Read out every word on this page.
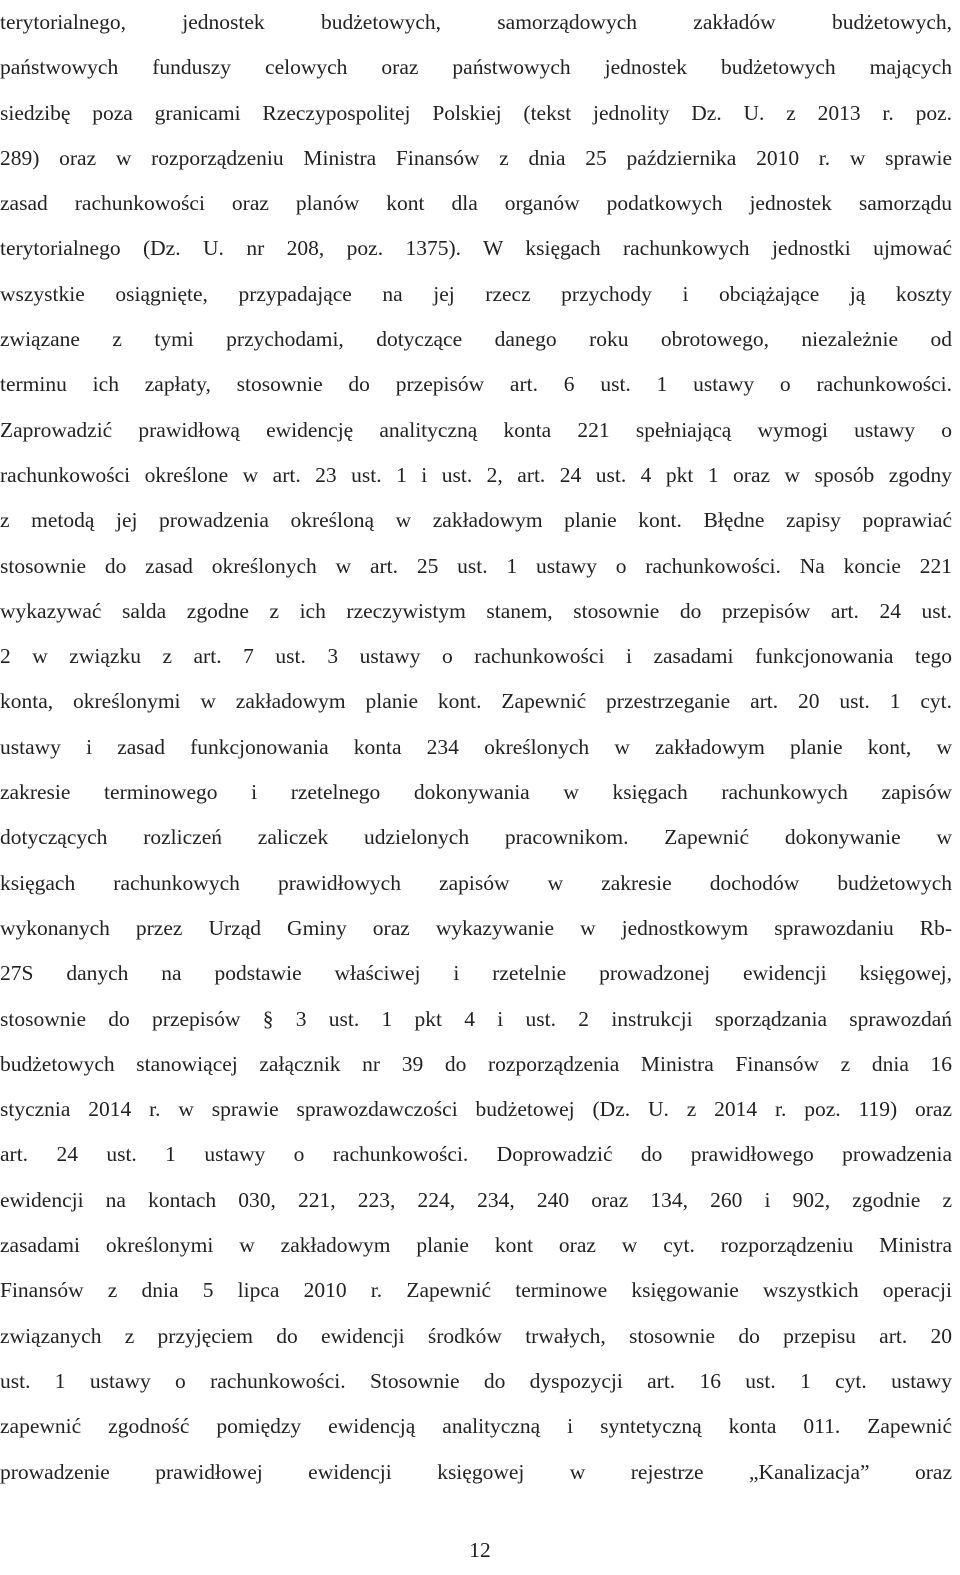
terytorialnego, jednostek budżetowych, samorządowych zakładów budżetowych,
państwowych funduszy celowych oraz państwowych jednostek budżetowych mających
siedzibę poza granicami Rzeczypospolitej Polskiej (tekst jednolity Dz. U. z 2013 r. poz.
289) oraz w rozporządzeniu Ministra Finansów z dnia 25 października 2010 r. w sprawie
zasad rachunkowości oraz planów kont dla organów podatkowych jednostek samorządu
terytorialnego (Dz. U. nr 208, poz. 1375). W księgach rachunkowych jednostki ujmować
wszystkie osiągnięte, przypadające na jej rzecz przychody i obciążające ją koszty
związane z tymi przychodami, dotyczące danego roku obrotowego, niezależnie od
terminu ich zapłaty, stosownie do przepisów art. 6 ust. 1 ustawy o rachunkowości.
Zaprowadzić prawidłową ewidencję analityczną konta 221 spełniającą wymogi ustawy o
rachunkowości określone w art. 23 ust. 1 i ust. 2, art. 24 ust. 4 pkt 1 oraz w sposób zgodny
z metodą jej prowadzenia określoną w zakładowym planie kont. Błędne zapisy poprawiać
stosownie do zasad określonych w art. 25 ust. 1 ustawy o rachunkowości. Na koncie 221
wykazywać salda zgodne z ich rzeczywistym stanem, stosownie do przepisów art. 24 ust.
2 w związku z art. 7 ust. 3 ustawy o rachunkowości i zasadami funkcjonowania tego
konta, określonymi w zakładowym planie kont. Zapewnić przestrzeganie art. 20 ust. 1 cyt.
ustawy i zasad funkcjonowania konta 234 określonych w zakładowym planie kont, w
zakresie terminowego i rzetelnego dokonywania w księgach rachunkowych zapisów
dotyczących rozliczeń zaliczek udzielonych pracownikom. Zapewnić dokonywanie w
księgach rachunkowych prawidłowych zapisów w zakresie dochodów budżetowych
wykonanych przez Urząd Gminy oraz wykazywanie w jednostkowym sprawozdaniu Rb-
27S danych na podstawie właściwej i rzetelnie prowadzonej ewidencji księgowej,
stosownie do przepisów § 3 ust. 1 pkt 4 i ust. 2 instrukcji sporządzania sprawozdań
budżetowych stanowiącej załącznik nr 39 do rozporządzenia Ministra Finansów z dnia 16
stycznia 2014 r. w sprawie sprawozdawczości budżetowej (Dz. U. z 2014 r. poz. 119) oraz
art. 24 ust. 1 ustawy o rachunkowości. Doprowadzić do prawidłowego prowadzenia
ewidencji na kontach 030, 221, 223, 224, 234, 240 oraz 134, 260 i 902, zgodnie z
zasadami określonymi w zakładowym planie kont oraz w cyt. rozporządzeniu Ministra
Finansów z dnia 5 lipca 2010 r. Zapewnić terminowe księgowanie wszystkich operacji
związanych z przyjęciem do ewidencji środków trwałych, stosownie do przepisu art. 20
ust. 1 ustawy o rachunkowości. Stosownie do dyspozycji art. 16 ust. 1 cyt. ustawy
zapewnić zgodność pomiędzy ewidencją analityczną i syntetyczną konta 011. Zapewnić
prowadzenie prawidłowej ewidencji księgowej w rejestrze „Kanalizacja” oraz
12
